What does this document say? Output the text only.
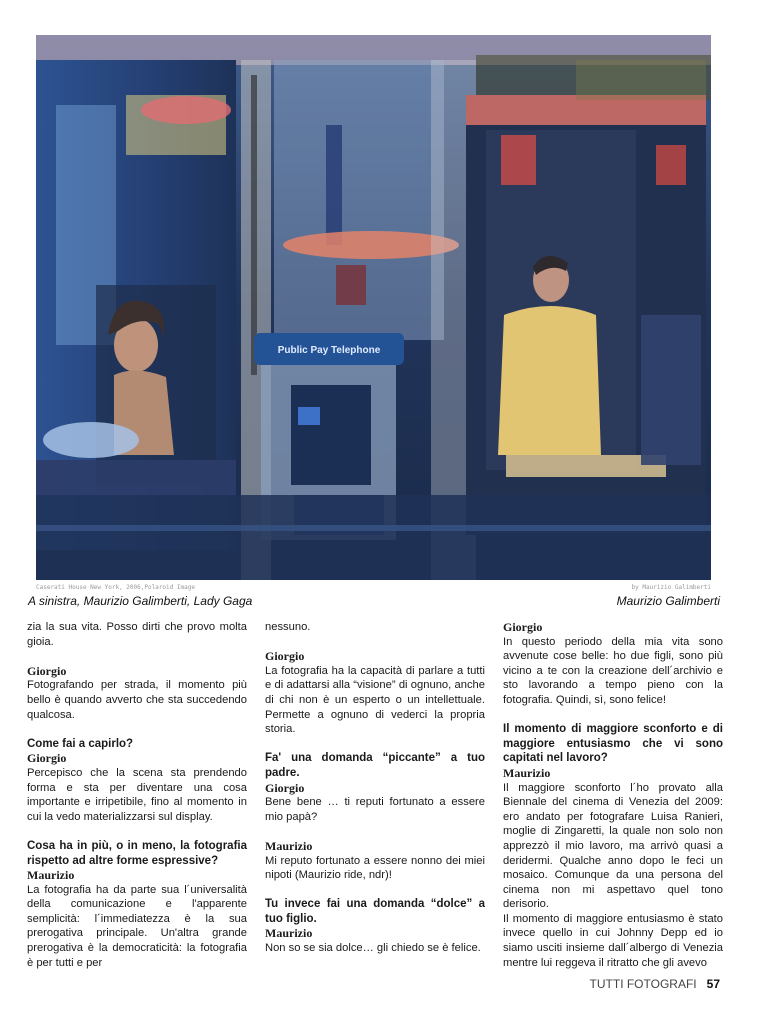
Public Pay Telephone
Caserati House New York, 2006,Polaroid Image	by Maurizio Galimberti
A sinistra, Maurizio Galimberti, Lady Gaga	Maurizio Galimberti

zia la sua vita. Posso dirti che provo molta gioia.

Giorgio

Fotografando per strada, il momento più bello è quando avverto che sta succedendo qualcosa.

Come fai a capirlo?

Giorgio

Percepisco che la scena sta prendendo forma e sta per diventare una cosa importante e irripetibile, fino al momento in cui la vedo materializzarsi sul display.

Cosa ha in più, o in meno, la fotografia rispetto ad altre forme espressive?

Maurizio

La fotografia ha da parte sua l´universalità della comunicazione e l'apparente semplicità: l´immediatezza è la sua prerogativa principale. Un'altra grande prerogativa è la democraticità: la fotografia è per tutti e per

nessuno.

Giorgio

La fotografia ha la capacità di parlare a tutti e di adattarsi alla “visione” di ognuno, anche di chi non è un esperto o un intellettuale. Permette a ognuno di vederci la propria storia.

Fa' una domanda “piccante” a tuo padre.

Giorgio

Bene bene … ti reputi fortunato a essere mio papà?

Maurizio

Mi reputo fortunato a essere nonno dei miei nipoti (Maurizio ride, ndr)!

Tu invece fai una domanda “dolce” a tuo figlio.

Maurizio

Non so se sia dolce… gli chiedo se è felice.

Giorgio

In questo periodo della mia vita sono avvenute cose belle: ho due figli, sono più vicino a te con la creazione dell´archivio e sto lavorando a tempo pieno con la fotografia. Quindi, sì, sono felice!

Il momento di maggiore sconforto e di maggiore entusiasmo che vi sono capitati nel lavoro?

Maurizio

Il maggiore sconforto l´ho provato alla Biennale del cinema di Venezia del 2009: ero andato per fotografare Luisa Ranieri, moglie di Zingaretti, la quale non solo non apprezzò il mio lavoro, ma arrivò quasi a deridermi. Qualche anno dopo le feci un mosaico. Comunque da una persona del cinema non mi aspettavo quel tono derisorio.

Il momento di maggiore entusiasmo è stato invece quello in cui Johnny Depp ed io siamo usciti insieme dall´albergo di Venezia mentre lui reggeva il ritratto che gli avevo

TUTTI FOTOGRAFI 57
